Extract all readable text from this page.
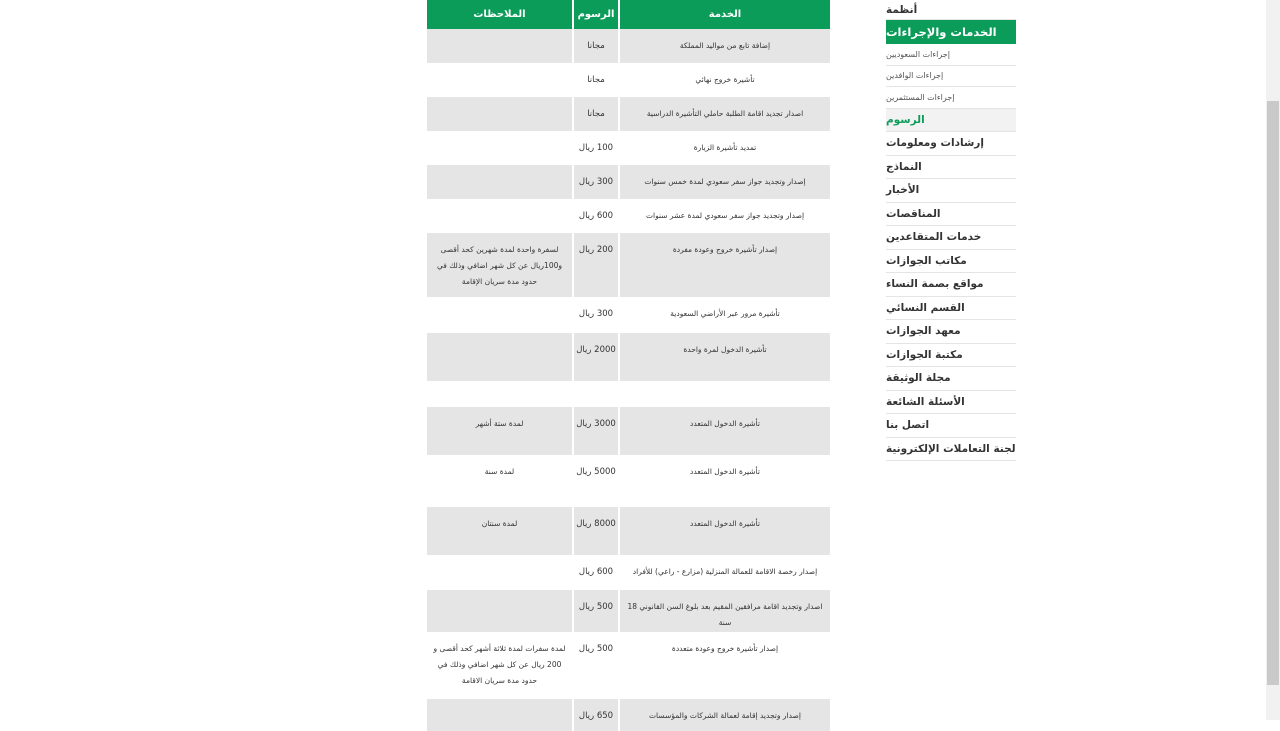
أنظمة
الخدمات والإجراءات
إجراءات السعوديين
إجراءات الوافدين
إجراءات المستثمرين
الرسوم
إرشادات ومعلومات
النماذج
الأخبار
المناقصات
خدمات المتقاعدين
مكاتب الجوازات
مواقع بصمة النساء
القسم النسائي
معهد الجوازات
مكتبة الجوازات
مجلة الوثيقة
الأسئلة الشائعة
اتصل بنا
لجنة التعاملات الإلكترونية
الخدمة	الرسوم	الملاحظات
إضافة تابع من مواليد المملكة	مجانا	
تأشيرة خروج نهائي	مجانا	
اصدار تجديد اقامة الطلبة حاملي التأشيرة الدراسية	مجانا	
تمديد تأشيرة الزيارة	100 ريال	
إصدار وتجديد جواز سفر سعودي لمدة خمس سنوات	300 ريال	
إصدار وتجديد جواز سفر سعودي لمدة عشر سنوات	600 ريال	
إصدار تأشيرة خروج وعودة مفردة	200 ريال	لسفرة واحدة لمدة شهرين كحد أقصى و100ريال عن كل شهر اضافي وذلك في حدود مدة سريان الإقامة
تأشيرة مرور عبر الأراضي السعودية	300 ريال	
تأشيرة الدخول لمرة واحدة	2000 ريال	

تأشيرة الدخول المتعدد	3000 ريال	لمدة ستة أشهر
تأشيرة الدخول المتعدد	5000 ريال	لمدة سنة
تأشيرة الدخول المتعدد	8000 ريال	لمدة سنتان
إصدار رخصة الاقامة للعمالة المنزلية (مزارع - راعي) للأفراد	600 ريال	
اصدار وتجديد اقامة مرافقين المقيم بعد بلوغ السن القانوني 18 سنة	500 ريال	
إصدار تأشيرة خروج وعودة متعددة	500 ريال	لمدة سفرات لمدة ثلاثة أشهر كحد أقصى و 200 ريال عن كل شهر اضافي وذلك في حدود مدة سريان الاقامة
إصدار وتجديد إقامة لعمالة الشركات والمؤسسات	650 ريال	
